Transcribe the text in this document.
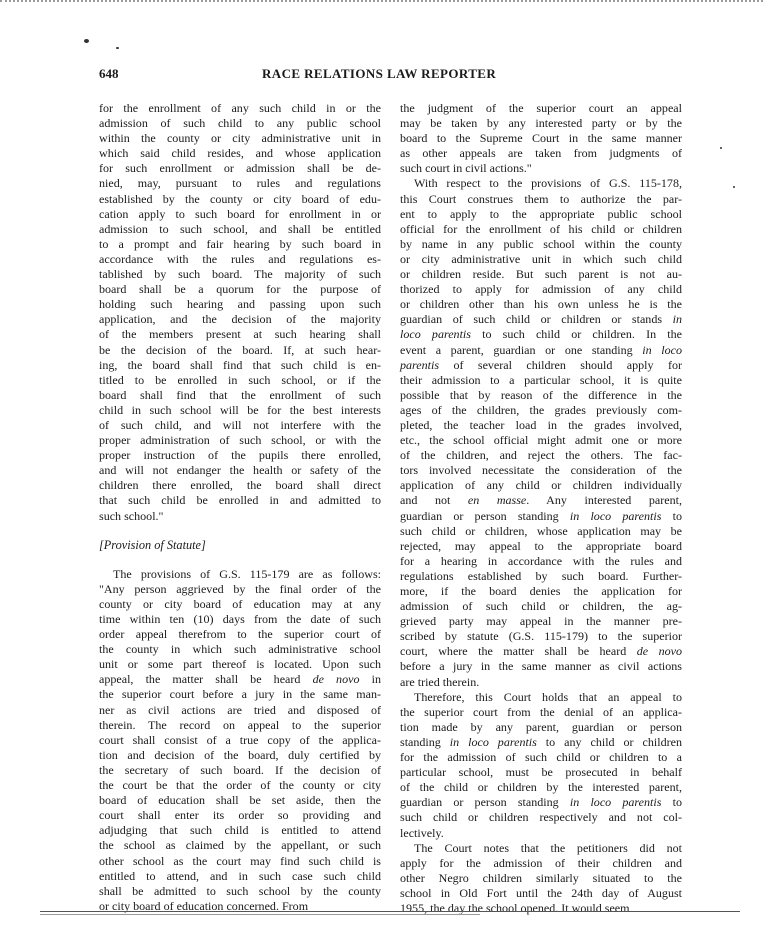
648	RACE RELATIONS LAW REPORTER

for the enrollment of any such child in or the
admission of such child to any public school
within the county or city administrative unit in
which said child resides, and whose application
for such enrollment or admission shall be de-
nied, may, pursuant to rules and regulations
established by the county or city board of edu-
cation apply to such board for enrollment in or
admission to such school, and shall be entitled
to a prompt and fair hearing by such board in
accordance with the rules and regulations es-
tablished by such board. The majority of such
board shall be a quorum for the purpose of
holding such hearing and passing upon such
application, and the decision of the majority
of the members present at such hearing shall
be the decision of the board. If, at such hear-
ing, the board shall find that such child is en-
titled to be enrolled in such school, or if the
board shall find that the enrollment of such
child in such school will be for the best interests
of such child, and will not interfere with the
proper administration of such school, or with the
proper instruction of the pupils there enrolled,
and will not endanger the health or safety of the
children there enrolled, the board shall direct
that such child be enrolled in and admitted to
such school."

[Provision of Statute]

The provisions of G.S. 115-179 are as follows:
"Any person aggrieved by the final order of the
county or city board of education may at any
time within ten (10) days from the date of such
order appeal therefrom to the superior court of
the county in which such administrative school
unit or some part thereof is located. Upon such
appeal, the matter shall be heard de novo in
the superior court before a jury in the same man-
ner as civil actions are tried and disposed of
therein. The record on appeal to the superior
court shall consist of a true copy of the applica-
tion and decision of the board, duly certified by
the secretary of such board. If the decision of
the court be that the order of the county or city
board of education shall be set aside, then the
court shall enter its order so providing and
adjudging that such child is entitled to attend
the school as claimed by the appellant, or such
other school as the court may find such child is
entitled to attend, and in such case such child
shall be admitted to such school by the county
or city board of education concerned. From

the judgment of the superior court an appeal
may be taken by any interested party or by the
board to the Supreme Court in the same manner
as other appeals are taken from judgments of
such court in civil actions."

With respect to the provisions of G.S. 115-178,
this Court construes them to authorize the par-
ent to apply to the appropriate public school
official for the enrollment of his child or children
by name in any public school within the county
or city administrative unit in which such child
or children reside. But such parent is not au-
thorized to apply for admission of any child
or children other than his own unless he is the
guardian of such child or children or stands in
loco parentis to such child or children. In the
event a parent, guardian or one standing in loco
parentis of several children should apply for
their admission to a particular school, it is quite
possible that by reason of the difference in the
ages of the children, the grades previously com-
pleted, the teacher load in the grades involved,
etc., the school official might admit one or more
of the children, and reject the others. The fac-
tors involved necessitate the consideration of the
application of any child or children individually
and not en masse. Any interested parent,
guardian or person standing in loco parentis to
such child or children, whose application may be
rejected, may appeal to the appropriate board
for a hearing in accordance with the rules and
regulations established by such board. Further-
more, if the board denies the application for
admission of such child or children, the ag-
grieved party may appeal in the manner pre-
scribed by statute (G.S. 115-179) to the superior
court, where the matter shall be heard de novo
before a jury in the same manner as civil actions
are tried therein.

Therefore, this Court holds that an appeal to
the superior court from the denial of an applica-
tion made by any parent, guardian or person
standing in loco parentis to any child or children
for the admission of such child or children to a
particular school, must be prosecuted in behalf
of the child or children by the interested parent,
guardian or person standing in loco parentis to
such child or children respectively and not col-
lectively.

The Court notes that the petitioners did not
apply for the admission of their children and
other Negro children similarly situated to the
school in Old Fort until the 24th day of August
1955, the day the school opened. It would seem
